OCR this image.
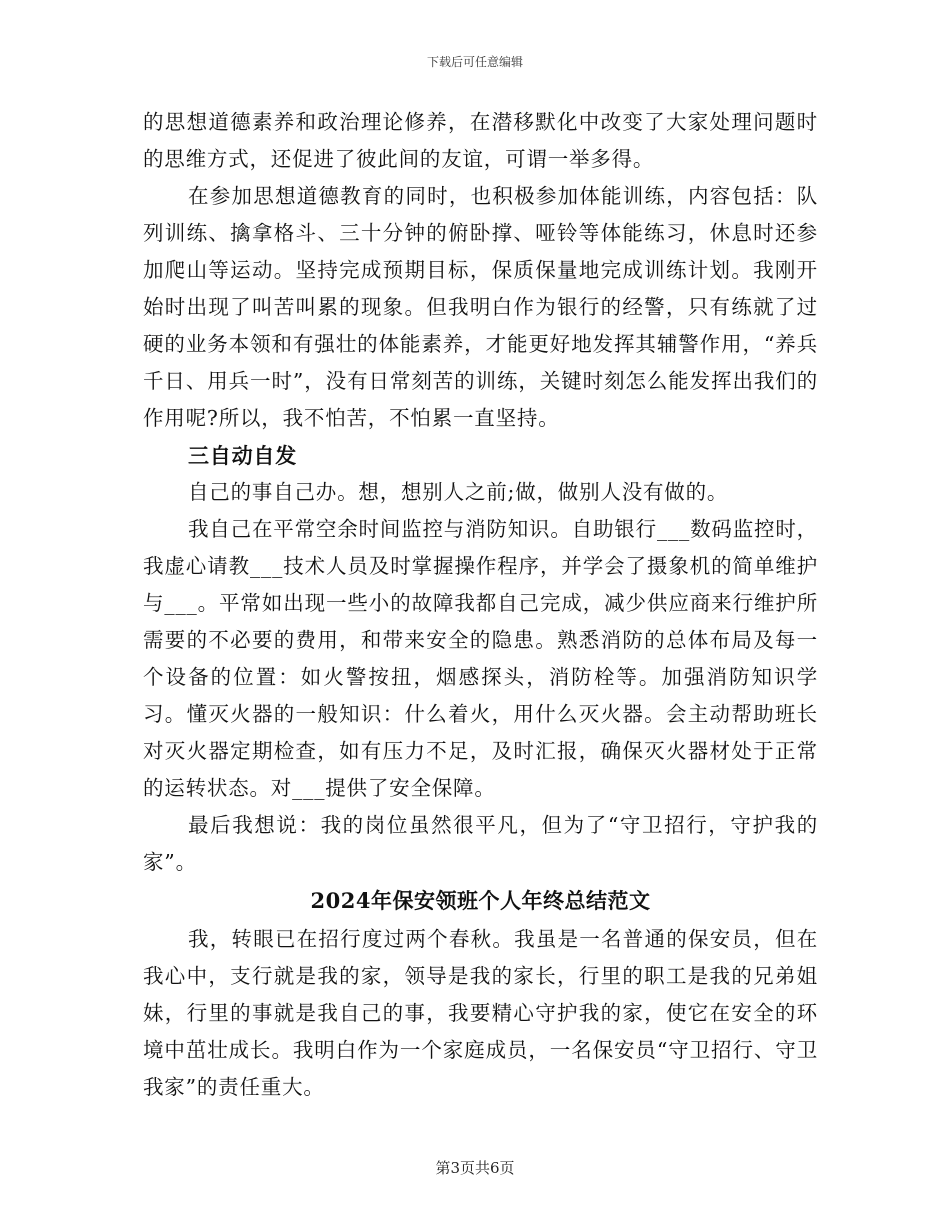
下载后可任意编辑

的思想道德素养和政治理论修养，在潜移默化中改变了大家处理问题时的思维方式，还促进了彼此间的友谊，可谓一举多得。

在参加思想道德教育的同时，也积极参加体能训练，内容包括：队列训练、擒拿格斗、三十分钟的俯卧撑、哑铃等体能练习，休息时还参加爬山等运动。坚持完成预期目标，保质保量地完成训练计划。我刚开始时出现了叫苦叫累的现象。但我明白作为银行的经警，只有练就了过硬的业务本领和有强壮的体能素养，才能更好地发挥其辅警作用，“养兵千日、用兵一时”，没有日常刻苦的训练，关键时刻怎么能发挥出我们的作用呢?所以，我不怕苦，不怕累一直坚持。

三自动自发

自己的事自己办。想，想别人之前;做，做别人没有做的。

我自己在平常空余时间监控与消防知识。自助银行___数码监控时，我虚心请教___技术人员及时掌握操作程序，并学会了摄象机的简单维护与___。平常如出现一些小的故障我都自己完成，减少供应商来行维护所需要的不必要的费用，和带来安全的隐患。熟悉消防的总体布局及每一个设备的位置：如火警按扭，烟感探头，消防栓等。加强消防知识学习。懂灭火器的一般知识：什么着火，用什么灭火器。会主动帮助班长对灭火器定期检查，如有压力不足，及时汇报，确保灭火器材处于正常的运转状态。对___提供了安全保障。

最后我想说：我的岗位虽然很平凡，但为了“守卫招行，守护我的家”。

2024年保安领班个人年终总结范文

我，转眼已在招行度过两个春秋。我虽是一名普通的保安员，但在我心中，支行就是我的家，领导是我的家长，行里的职工是我的兄弟姐妹，行里的事就是我自己的事，我要精心守护我的家，使它在安全的环境中茁壮成长。我明白作为一个家庭成员，一名保安员“守卫招行、守卫我家”的责任重大。

第3页共6页
